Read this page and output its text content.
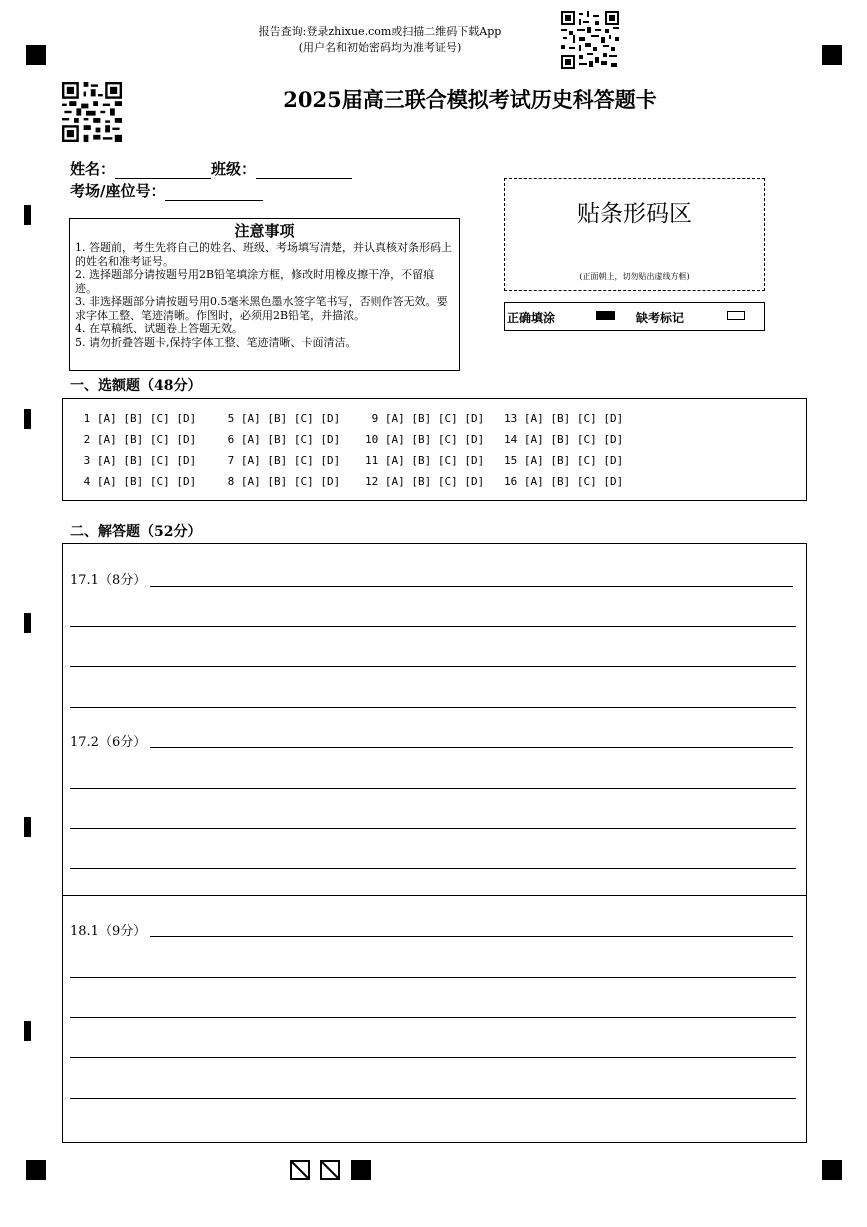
报告查询:登录zhixue.com或扫描二维码下载App
(用户名和初始密码均为准考证号)
2025届高三联合模拟考试历史科答题卡
姓名：	班级：
考场/座位号：
注意事项

1. 答题前，考生先将自己的姓名、班级、考场填写清楚，并认真核对条形码上的姓名和准考证号。

2. 选择题部分请按题号用2B铅笔填涂方框，修改时用橡皮擦干净，不留痕迹。

3. 非选择题部分请按题号用0.5毫米黑色墨水签字笔书写，否则作答无效。要求字体工整、笔迹清晰。作图时，必须用2B铅笔，并描浓。

4. 在草稿纸、试题卷上答题无效。

5. 请勿折叠答题卡,保持字体工整、笔迹清晰、卡面清洁。

贴条形码区
(正面朝上，切勿贴出虚线方框)
正确填涂	缺考标记
一、选额题（48分）
1 [A] [B] [C] [D]
2 [A] [B] [C] [D]
3 [A] [B] [C] [D]
4 [A] [B] [C] [D]
5 [A] [B] [C] [D]
6 [A] [B] [C] [D]
7 [A] [B] [C] [D]
8 [A] [B] [C] [D]
9 [A] [B] [C] [D]
10 [A] [B] [C] [D]
11 [A] [B] [C] [D]
12 [A] [B] [C] [D]
13 [A] [B] [C] [D]
14 [A] [B] [C] [D]
15 [A] [B] [C] [D]
16 [A] [B] [C] [D]
二、解答题（52分）
17.1（8分）
17.2（6分）
18.1（9分）
